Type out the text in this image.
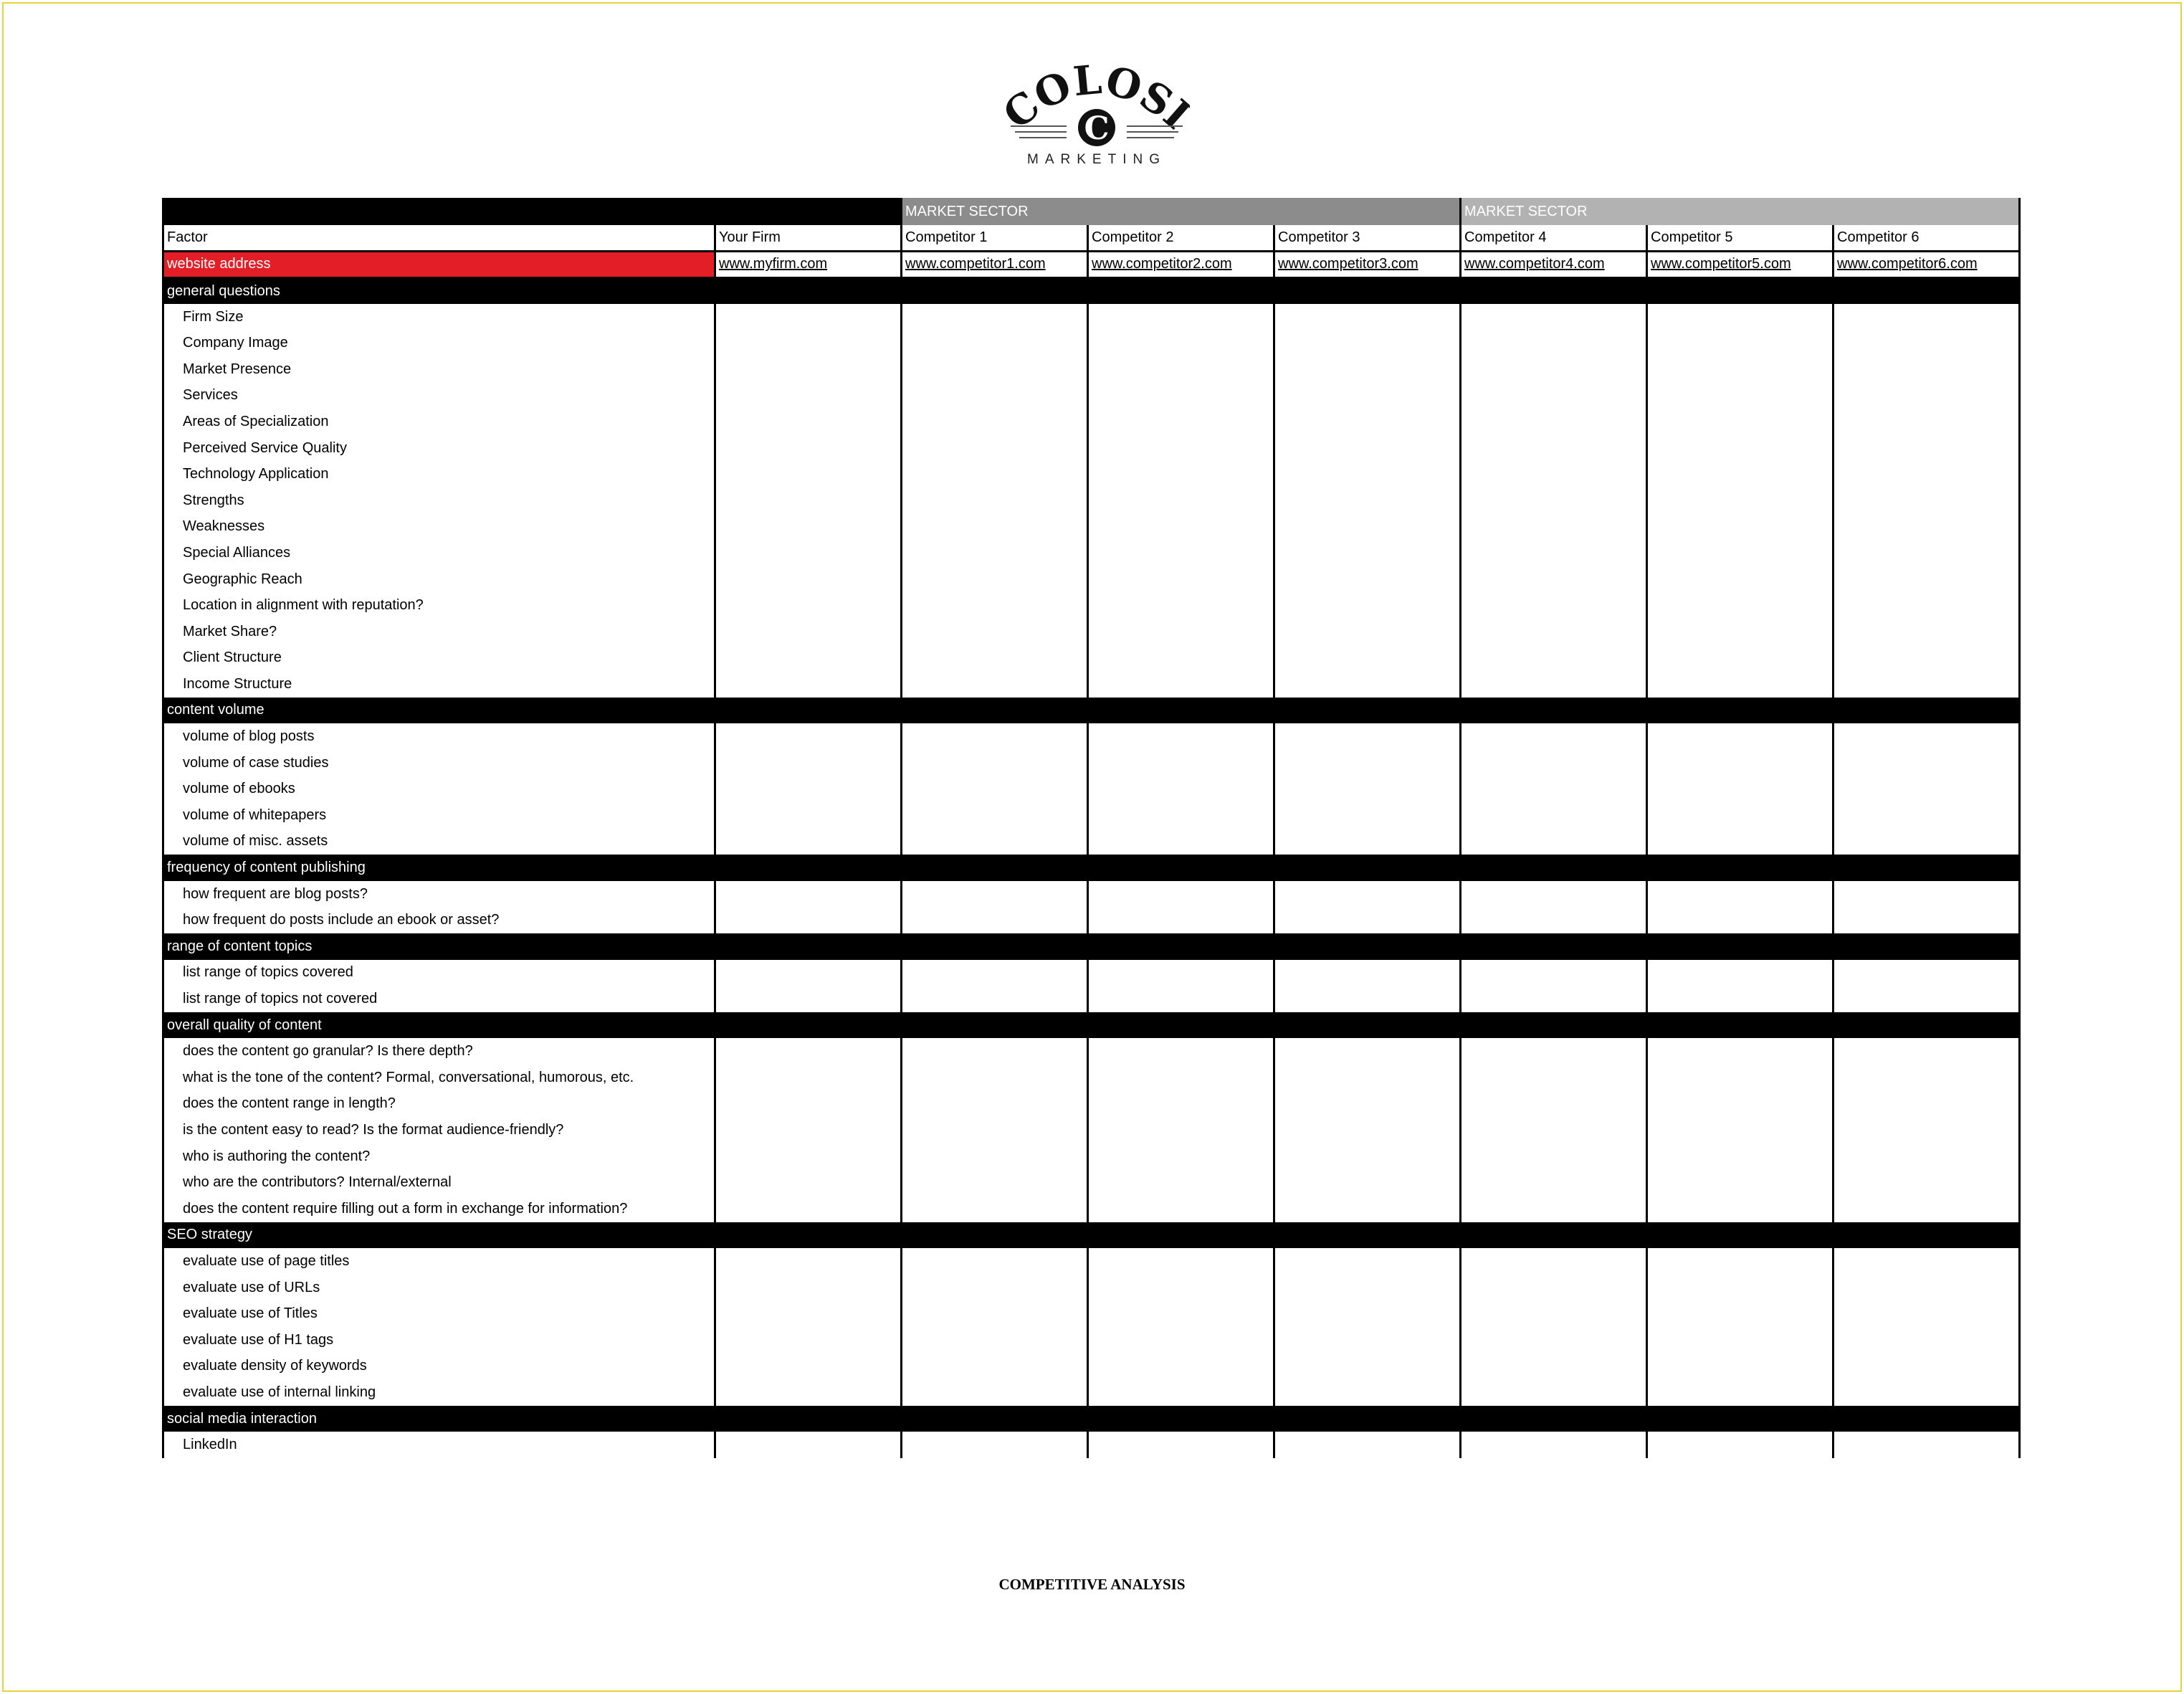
OLOS
C
MARKETING
		MARKET SECTOR			MARKET SECTOR		
Factor	Your Firm	Competitor 1	Competitor 2	Competitor 3	Competitor 4	Competitor 5	Competitor 6
website address	www.myfirm.com	www.competitor1.com	www.competitor2.com	www.competitor3.com	www.competitor4.com	www.competitor5.com	www.competitor6.com
general questions							
Firm Size							
Company Image							
Market Presence							
Services							
Areas of Specialization							
Perceived Service Quality							
Technology Application							
Strengths							
Weaknesses							
Special Alliances							
Geographic Reach							
Location in alignment with reputation?							
Market Share?							
Client Structure							
Income Structure							
content volume							
volume of blog posts							
volume of case studies							
volume of ebooks							
volume of whitepapers							
volume of misc. assets							
frequency of content publishing							
how frequent are blog posts?							
how frequent do posts include an ebook or asset?							
range of content topics							
list range of topics covered							
list range of topics not covered							
overall quality of content							
does the content go granular? Is there depth?							
what is the tone of the content? Formal, conversational, humorous, etc.							
does the content range in length?							
is the content easy to read? Is the format audience-friendly?							
who is authoring the content?							
who are the contributors? Internal/external							
does the content require filling out a form in exchange for information?							
SEO strategy							
evaluate use of page titles							
evaluate use of URLs							
evaluate use of Titles							
evaluate use of H1 tags							
evaluate density of keywords							
evaluate use of internal linking							
social media interaction							
LinkedIn							
COMPETITIVE ANALYSIS
